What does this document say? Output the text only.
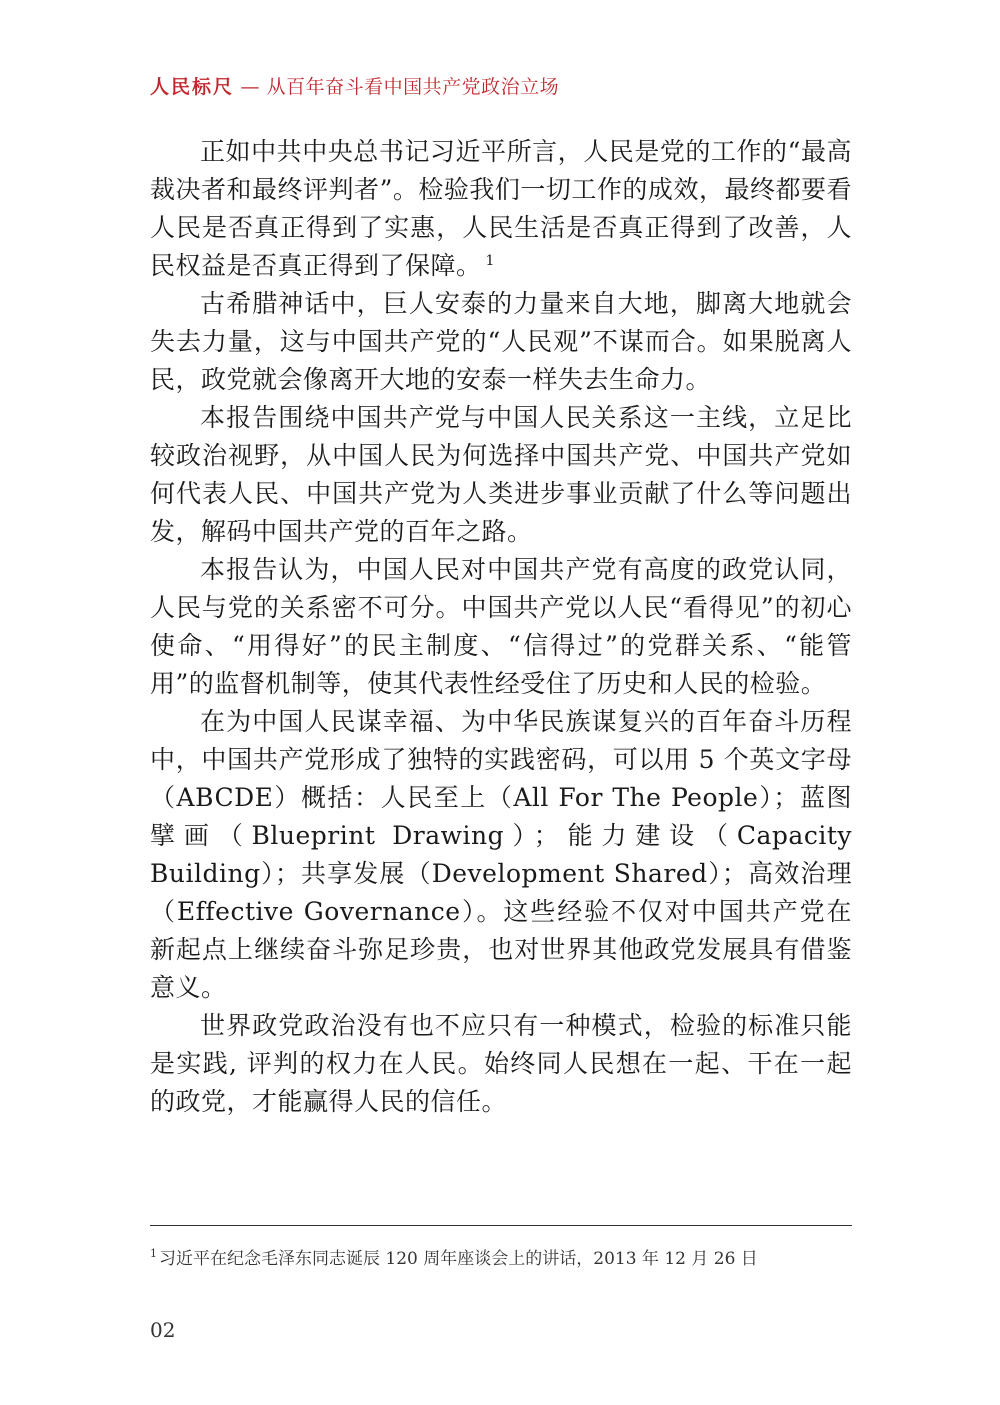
人民标尺 — 从百年奋斗看中国共产党政治立场

正如中共中央总书记习近平所言，人民是党的工作的“最高裁决者和最终评判者”。检验我们一切工作的成效，最终都要看人民是否真正得到了实惠，人民生活是否真正得到了改善，人民权益是否真正得到了保障。 $^1$

古希腊神话中，巨人安泰的力量来自大地，脚离大地就会失去力量，这与中国共产党的“人民观”不谋而合。如果脱离人民，政党就会像离开大地的安泰一样失去生命力。

本报告围绕中国共产党与中国人民关系这一主线，立足比较政治视野，从中国人民为何选择中国共产党、中国共产党如何代表人民、中国共产党为人类进步事业贡献了什么等问题出发，解码中国共产党的百年之路。

本报告认为，中国人民对中国共产党有高度的政党认同，人民与党的关系密不可分。中国共产党以人民“看得见”的初心使命、“用得好”的民主制度、“信得过”的党群关系、“能管用”的监督机制等，使其代表性经受住了历史和人民的检验。

在为中国人民谋幸福、为中华民族谋复兴的百年奋斗历程中，中国共产党形成了独特的实践密码，可以用 5 个英文字母（ABCDE）概括：人民至上（All For The People）；蓝图擘画（Blueprint Drawing）；能力建设（Capacity Building）；共享发展（Development Shared）；高效治理（Effective Governance）。这些经验不仅对中国共产党在新起点上继续奋斗弥足珍贵，也对世界其他政党发展具有借鉴意义。

世界政党政治没有也不应只有一种模式，检验的标准只能是实践, 评判的权力在人民。始终同人民想在一起、干在一起的政党，才能赢得人民的信任。

$^1$ 习近平在纪念毛泽东同志诞辰 120 周年座谈会上的讲话，2013 年 12 月 26 日
02
